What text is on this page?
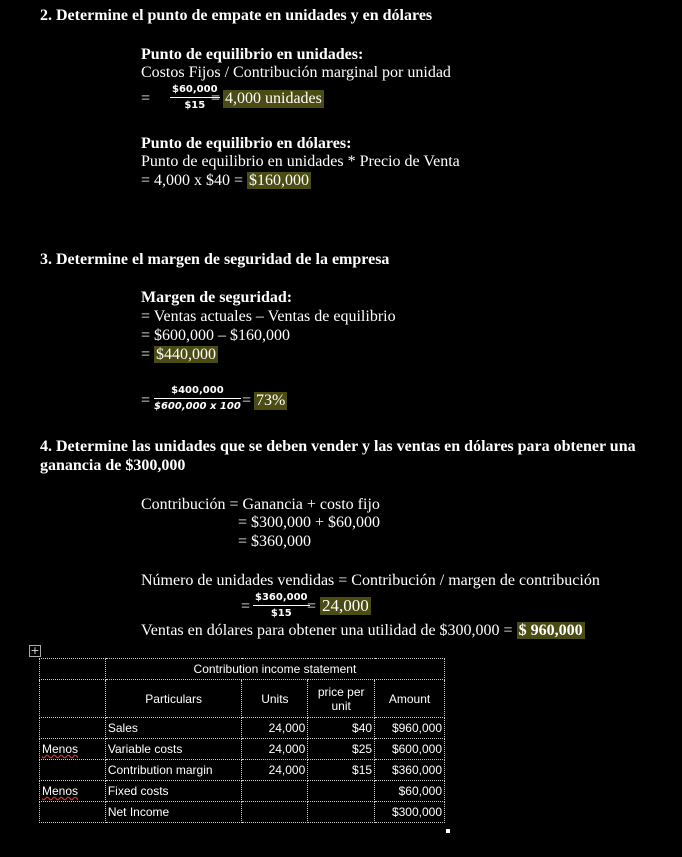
2. Determine el punto de empate en unidades y en dólares
Punto de equilibrio en unidades:
Costos Fijos / Contribución marginal por unidad
= $\frac{\$60,000}{\$15}$
= 4,000 unidades
Punto de equilibrio en dólares:
Punto de equilibrio en unidades * Precio de Venta
= 4,000 x $40 = $160,000
3. Determine el margen de seguridad de la empresa
Margen de seguridad:
= Ventas actuales – Ventas de equilibrio
= $600,000 – $160,000
= $440,000
= $\frac{\$400,000}{\$600,000 x 100} = 73\%$
4. Determine las unidades que se deben vender y las ventas en dólares para obtener una
ganancia de $300,000
Contribución = Ganancia + costo fijo
= $300,000 + $60,000
= $360,000
Número de unidades vendidas = Contribución / margen de contribución
= $\frac{\$360,000}{\$15}$
= 24,000
Ventas en dólares para obtener una utilidad de $300,000 = $ 960,000
+
	Contribution income statement			
	Particulars	Units	price per unit	Amount
	Sales	24,000	$40	$960,000
Menos	Variable costs	24,000	$25	$600,000
	Contribution margin	24,000	$15	$360,000
Menos	Fixed costs			$60,000
	Net Income			$300,000
